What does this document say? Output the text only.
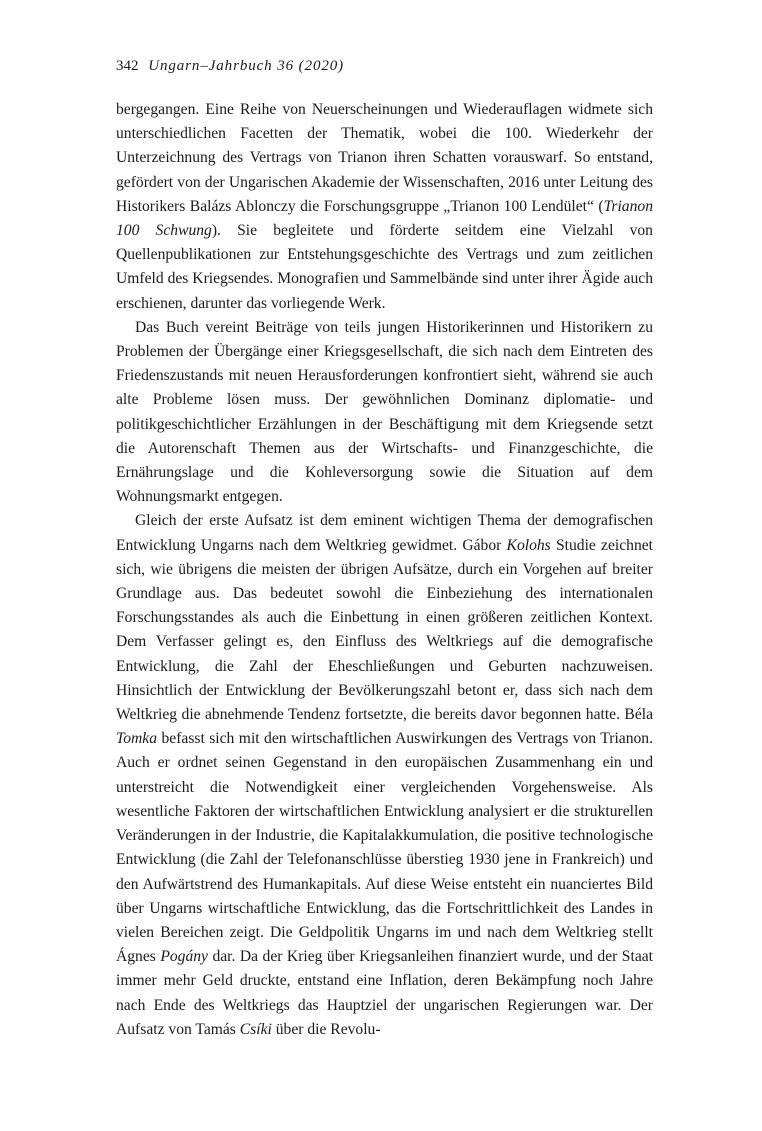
342 Ungarn–Jahrbuch 36 (2020)

bergegangen. Eine Reihe von Neuerscheinungen und Wiederauflagen widmete sich unterschiedlichen Facetten der Thematik, wobei die 100. Wiederkehr der Unterzeichnung des Vertrags von Trianon ihren Schatten vorauswarf. So entstand, gefördert von der Ungarischen Akademie der Wissenschaften, 2016 unter Leitung des Historikers Balázs Ablonczy die Forschungsgruppe „Trianon 100 Lendület“ (Trianon 100 Schwung). Sie begleitete und förderte seitdem eine Vielzahl von Quellenpublikationen zur Entstehungsgeschichte des Vertrags und zum zeitlichen Umfeld des Kriegsendes. Monografien und Sammelbände sind unter ihrer Ägide auch erschienen, darunter das vorliegende Werk.

Das Buch vereint Beiträge von teils jungen Historikerinnen und Historikern zu Problemen der Übergänge einer Kriegsgesellschaft, die sich nach dem Eintreten des Friedenszustands mit neuen Herausforderungen konfrontiert sieht, während sie auch alte Probleme lösen muss. Der gewöhnlichen Dominanz diplomatie- und politikgeschichtlicher Erzählungen in der Beschäftigung mit dem Kriegsende setzt die Autorenschaft Themen aus der Wirtschafts- und Finanzgeschichte, die Ernährungslage und die Kohleversorgung sowie die Situation auf dem Wohnungsmarkt entgegen.

Gleich der erste Aufsatz ist dem eminent wichtigen Thema der demografischen Entwicklung Ungarns nach dem Weltkrieg gewidmet. Gábor Kolohs Studie zeichnet sich, wie übrigens die meisten der übrigen Aufsätze, durch ein Vorgehen auf breiter Grundlage aus. Das bedeutet sowohl die Einbeziehung des internationalen Forschungsstandes als auch die Einbettung in einen größeren zeitlichen Kontext. Dem Verfasser gelingt es, den Einfluss des Weltkriegs auf die demografische Entwicklung, die Zahl der Eheschließungen und Geburten nachzuweisen. Hinsichtlich der Entwicklung der Bevölkerungszahl betont er, dass sich nach dem Weltkrieg die abnehmende Tendenz fortsetzte, die bereits davor begonnen hatte. Béla Tomka befasst sich mit den wirtschaftlichen Auswirkungen des Vertrags von Trianon. Auch er ordnet seinen Gegenstand in den europäischen Zusammenhang ein und unterstreicht die Notwendigkeit einer vergleichenden Vorgehensweise. Als wesentliche Faktoren der wirtschaftlichen Entwicklung analysiert er die strukturellen Veränderungen in der Industrie, die Kapitalakkumulation, die positive technologische Entwicklung (die Zahl der Telefonanschlüsse überstieg 1930 jene in Frankreich) und den Aufwärtstrend des Humankapitals. Auf diese Weise entsteht ein nuanciertes Bild über Ungarns wirtschaftliche Entwicklung, das die Fortschrittlichkeit des Landes in vielen Bereichen zeigt. Die Geldpolitik Ungarns im und nach dem Weltkrieg stellt Ágnes Pogány dar. Da der Krieg über Kriegsanleihen finanziert wurde, und der Staat immer mehr Geld druckte, entstand eine Inflation, deren Bekämpfung noch Jahre nach Ende des Weltkriegs das Hauptziel der ungarischen Regierungen war. Der Aufsatz von Tamás Csíki über die Revolu-
